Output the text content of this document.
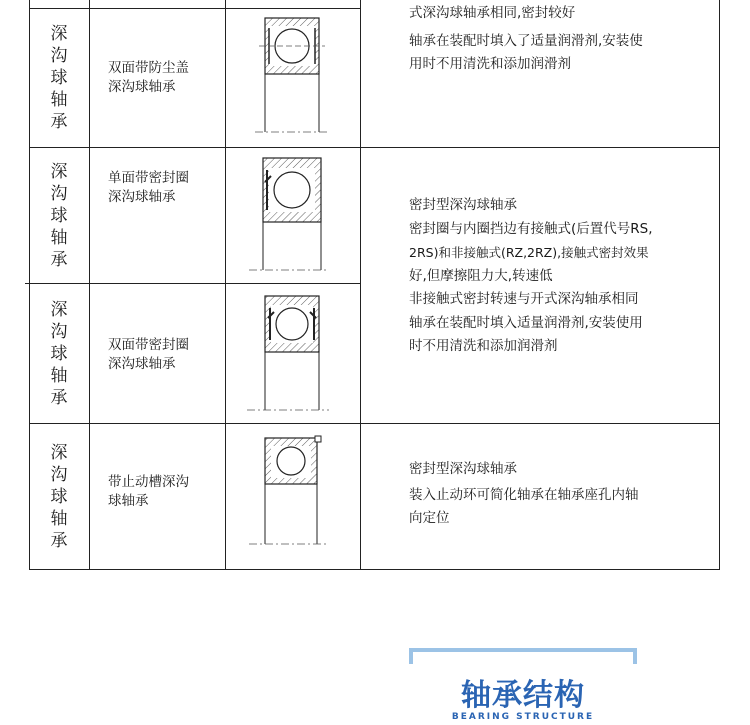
深沟球轴承
双面带防尘盖
深沟球轴承
深沟球轴承
单面带密封圈
深沟球轴承
深沟球轴承
双面带密封圈
深沟球轴承
深沟球轴承
带止动槽深沟
球轴承
式深沟球轴承相同,密封较好
轴承在装配时填入了适量润滑剂,安装使
用时不用清洗和添加润滑剂
密封型深沟球轴承
密封圈与内圈挡边有接触式(后置代号RS,
2RS)和非接触式(RZ,2RZ),接触式密封效果
好,但摩擦阻力大,转速低
非接触式密封转速与开式深沟轴承相同
轴承在装配时填入适量润滑剂,安装使用
时不用清洗和添加润滑剂
密封型深沟球轴承
装入止动环可简化轴承在轴承座孔内轴
向定位
轴承结构
BEARING STRUCTURE
